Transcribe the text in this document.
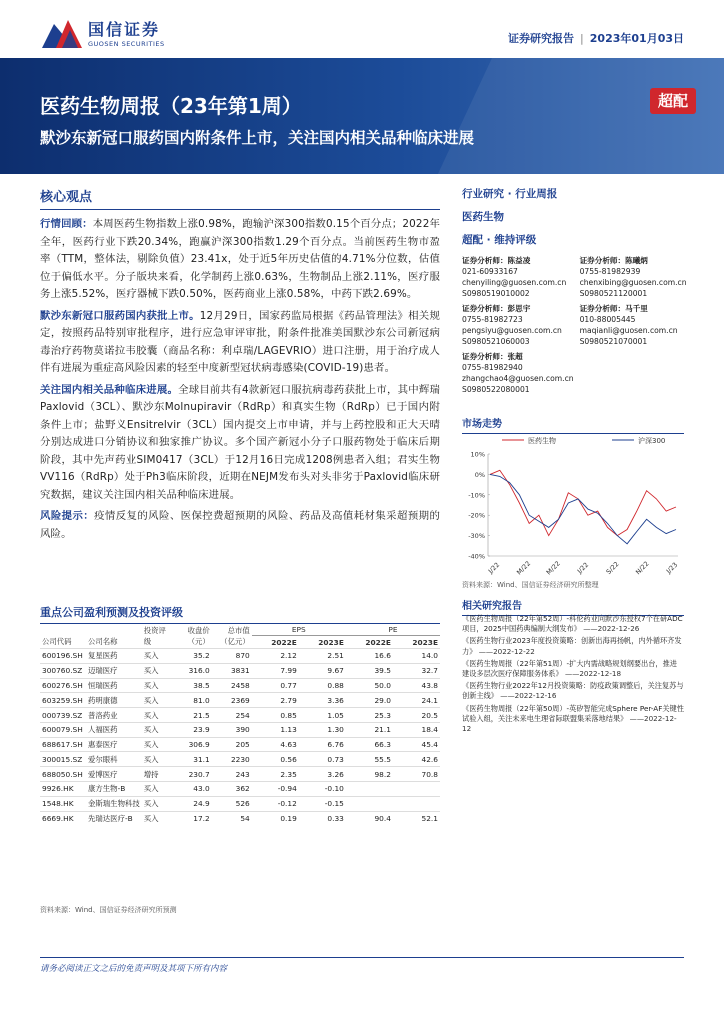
国信证券
GUOSEN SECURITIES	证券研究报告 | 2023年01月03日
医药生物周报（23年第1周）
默沙东新冠口服药国内附条件上市，关注国内相关品种临床进展
超配
核心观点
行情回顾：本周医药生物指数上涨0.98%，跑输沪深300指数0.15个百分点；2022年全年，医药行业下跌20.34%，跑赢沪深300指数1.29个百分点。当前医药生物市盈率（TTM，整体法，剔除负值）23.41x，处于近5年历史估值的4.71%分位数，估值位于偏低水平。分子版块来看，化学制药上涨0.63%，生物制品上涨2.11%，医疗服务上涨5.52%，医疗器械下跌0.50%，医药商业上涨0.58%，中药下跌2.69%。
默沙东新冠口服药国内获批上市。12月29日，国家药监局根据《药品管理法》相关规定，按照药品特别审批程序，进行应急审评审批，附条件批准美国默沙东公司新冠病毒治疗药物莫诺拉韦胶囊（商品名称：利卓瑞/LAGEVRIO）进口注册，用于治疗成人伴有进展为重症高风险因素的轻至中度新型冠状病毒感染(COVID-19)患者。
关注国内相关品种临床进展。全球目前共有4款新冠口服抗病毒药获批上市，其中辉瑞Paxlovid（3CL）、默沙东Molnupiravir（RdRp）和真实生物（RdRp）已于国内附条件上市；盐野义Ensitrelvir（3CL）国内提交上市申请，并与上药控股和正大天晴分别达成进口分销协议和独家推广协议。多个国产新冠小分子口服药物处于临床后期阶段，其中先声药业SIM0417（3CL）于12月16日完成1208例患者入组；君实生物VV116（RdRp）处于Ph3临床阶段，近期在NEJM发布头对头非劣于Paxlovid临床研究数据，建议关注国内相关品种临床进展。
风险提示：疫情反复的风险、医保控费超预期的风险、药品及高值耗材集采超预期的风险。
重点公司盈利预测及投资评级
公司代码	公司名称	投资评级	收盘价（元）	总市值（亿元）	EPS		PE	
					2022E	2023E	2022E	2023E
600196.SH	复星医药	买入	35.2	870	2.12	2.51	16.6	14.0
300760.SZ	迈瑞医疗	买入	316.0	3831	7.99	9.67	39.5	32.7
600276.SH	恒瑞医药	买入	38.5	2458	0.77	0.88	50.0	43.8
603259.SH	药明康德	买入	81.0	2369	2.79	3.36	29.0	24.1
000739.SZ	普洛药业	买入	21.5	254	0.85	1.05	25.3	20.5
600079.SH	人福医药	买入	23.9	390	1.13	1.30	21.1	18.4
688617.SH	惠泰医疗	买入	306.9	205	4.63	6.76	66.3	45.4
300015.SZ	爱尔眼科	买入	31.1	2230	0.56	0.73	55.5	42.6
688050.SH	爱博医疗	增持	230.7	243	2.35	3.26	98.2	70.8
9926.HK	康方生物-B	买入	43.0	362	-0.94	-0.10		
1548.HK	金斯瑞生物科技	买入	24.9	526	-0.12	-0.15		
6669.HK	先瑞达医疗-B	买入	17.2	54	0.19	0.33	90.4	52.1
资料来源：Wind、国信证券经济研究所预测
行业研究 · 行业周报
医药生物
超配 · 维持评级
证券分析师：陈益凌
021-60933167
chenyiling@guosen.com.cn
S0980519010002
证券分析师：陈曦炳
0755-81982939
chenxibing@guosen.com.cn
S0980521120001
证券分析师：彭思宇
0755-81982723
pengsiyu@guosen.com.cn
S0980521060003
证券分析师：马千里
010-88005445
maqianli@guosen.com.cn
S0980521070001
证券分析师：张超
0755-81982940
zhangchao4@guosen.com.cn
S0980522080001
市场走势
医药生物	沪深300
10%
0%
-10%
-20%
-30%
-40%
J/22 M/22 M/22 J/22 S/22 N/22 J/23
资料来源：Wind、国信证券经济研究所整理
相关研究报告
《医药生物周报（22年第52周）-科伦药业向默沙东授权7个在研ADC项目，2025中国药典编制大纲发布》 ——2022-12-26
《医药生物行业2023年度投资策略：创新出海再扬帆，内外循环齐发力》 ——2022-12-22
《医药生物周报（22年第51周）-扩大内需战略规划纲要出台，推进建设多层次医疗保障服务体系》 ——2022-12-18
《医药生物行业2022年12月投资策略：防疫政策调整后，关注复苏与创新主线》 ——2022-12-16
《医药生物周报（22年第50周）-英矽智能完成Sphere Per-AF关键性试验入组，关注未来电生理省际联盟集采落地结果》 ——2022-12-12
请务必阅读正文之后的免责声明及其项下所有内容
